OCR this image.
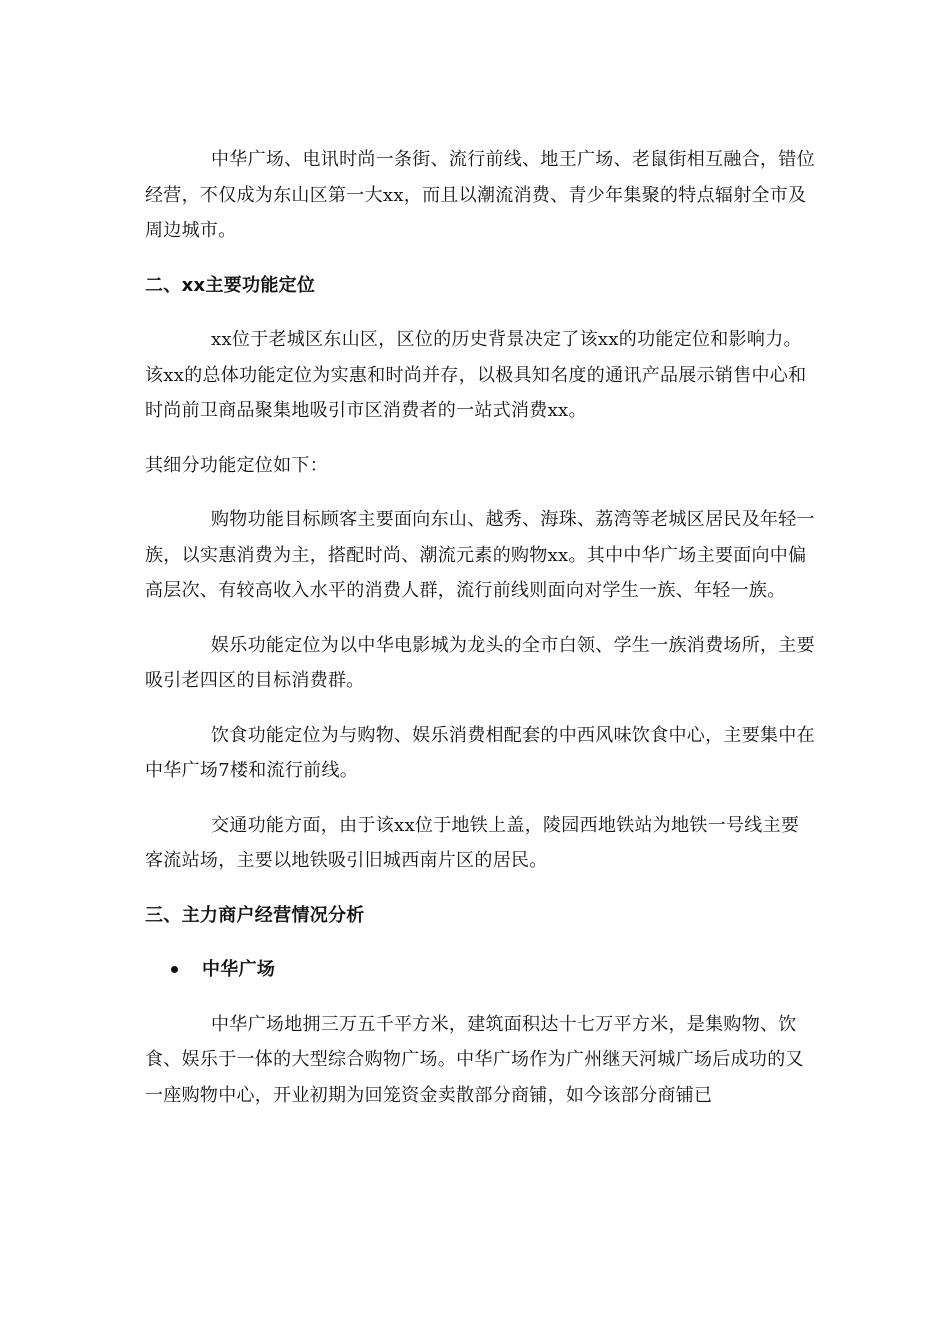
中华广场、电讯时尚一条街、流行前线、地王广场、老鼠街相互融合，错位经营，不仅成为东山区第一大xx，而且以潮流消费、青少年集聚的特点辐射全市及周边城市。

二、xx主要功能定位

xx位于老城区东山区，区位的历史背景决定了该xx的功能定位和影响力。该xx的总体功能定位为实惠和时尚并存，以极具知名度的通讯产品展示销售中心和时尚前卫商品聚集地吸引市区消费者的一站式消费xx。

其细分功能定位如下：

购物功能目标顾客主要面向东山、越秀、海珠、荔湾等老城区居民及年轻一族，以实惠消费为主，搭配时尚、潮流元素的购物xx。其中中华广场主要面向中偏高层次、有较高收入水平的消费人群，流行前线则面向对学生一族、年轻一族。

娱乐功能定位为以中华电影城为龙头的全市白领、学生一族消费场所，主要吸引老四区的目标消费群。

饮食功能定位为与购物、娱乐消费相配套的中西风味饮食中心，主要集中在中华广场7楼和流行前线。

交通功能方面，由于该xx位于地铁上盖，陵园西地铁站为地铁一号线主要客流站场，主要以地铁吸引旧城西南片区的居民。

三、主力商户经营情况分析

中华广场

中华广场地拥三万五千平方米，建筑面积达十七万平方米，是集购物、饮食、娱乐于一体的大型综合购物广场。中华广场作为广州继天河城广场后成功的又一座购物中心，开业初期为回笼资金卖散部分商铺，如今该部分商铺已
